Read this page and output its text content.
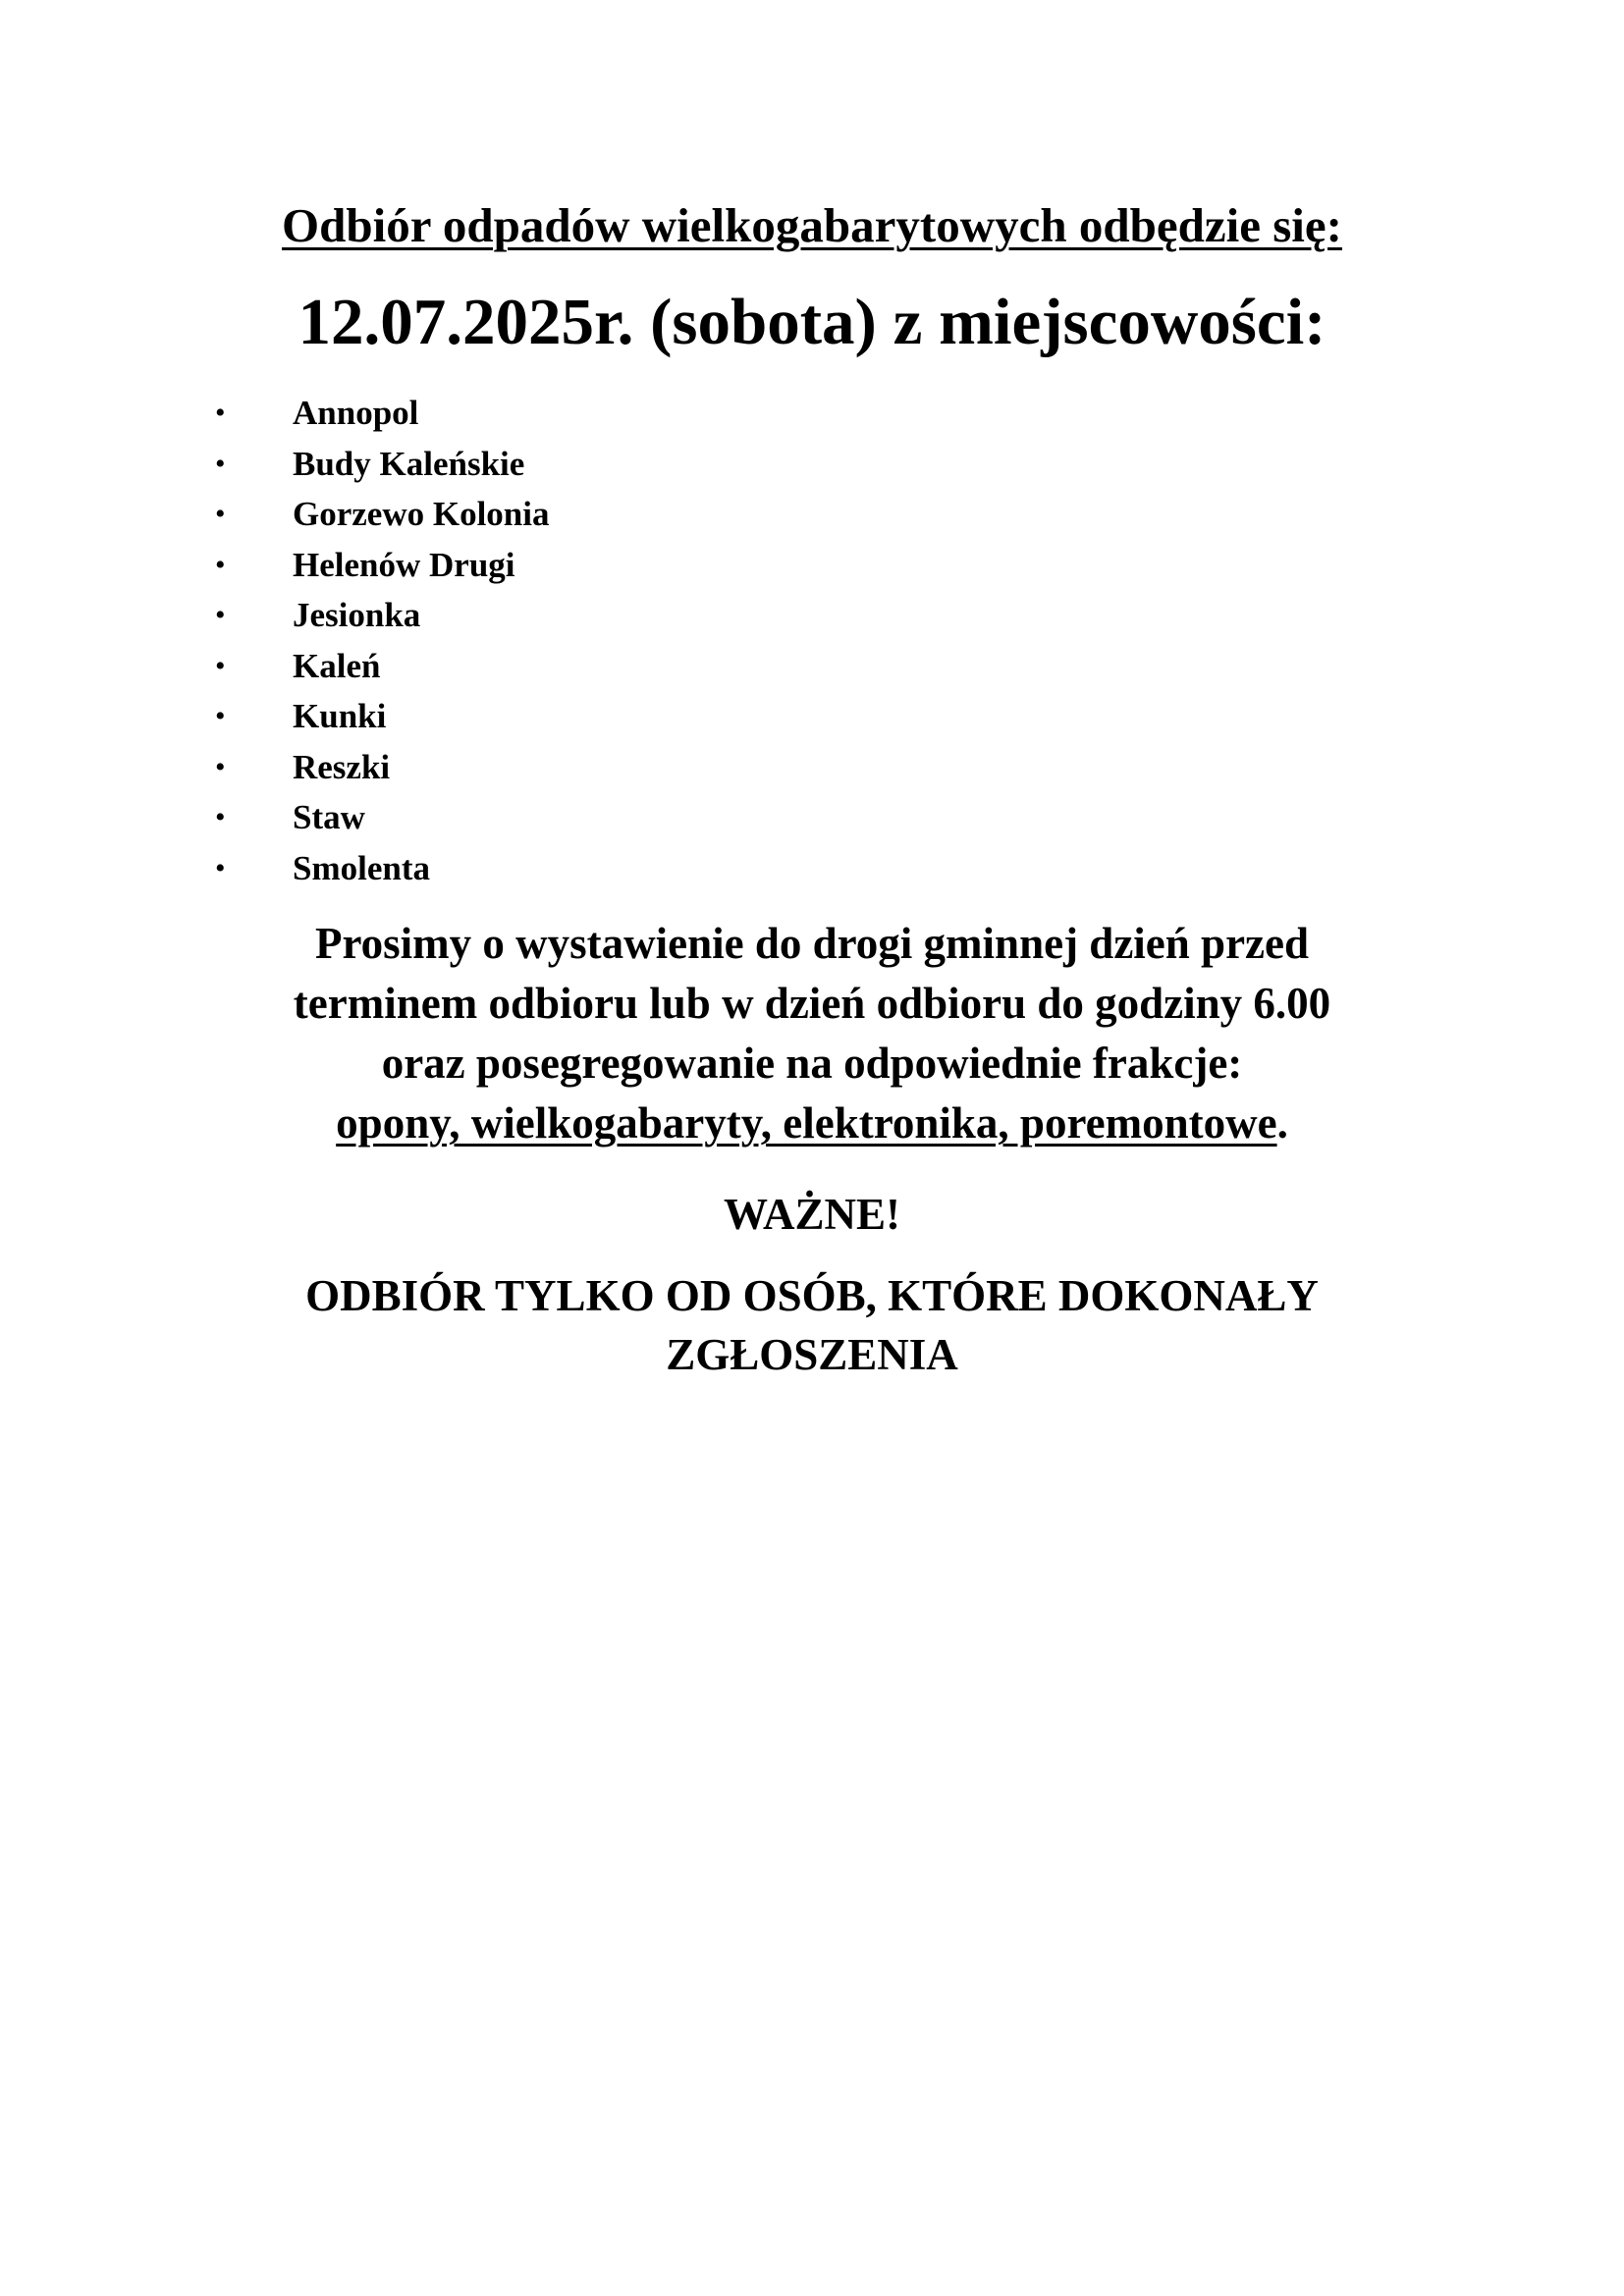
Odbiór odpadów wielkogabarytowych odbędzie się:
12.07.2025r. (sobota) z miejscowości:
• Annopol
• Budy Kaleńskie
• Gorzewo Kolonia
• Helenów Drugi
• Jesionka
• Kaleń
• Kunki
• Reszki
• Staw
• Smolenta

Prosimy o wystawienie do drogi gminnej dzień przed
terminem odbioru lub w dzień odbioru do godziny 6.00
oraz posegregowanie na odpowiednie frakcje:
opony, wielkogabaryty, elektronika, poremontowe.

WAŻNE!

ODBIÓR TYLKO OD OSÓB, KTÓRE DOKONAŁY
ZGŁOSZENIA
